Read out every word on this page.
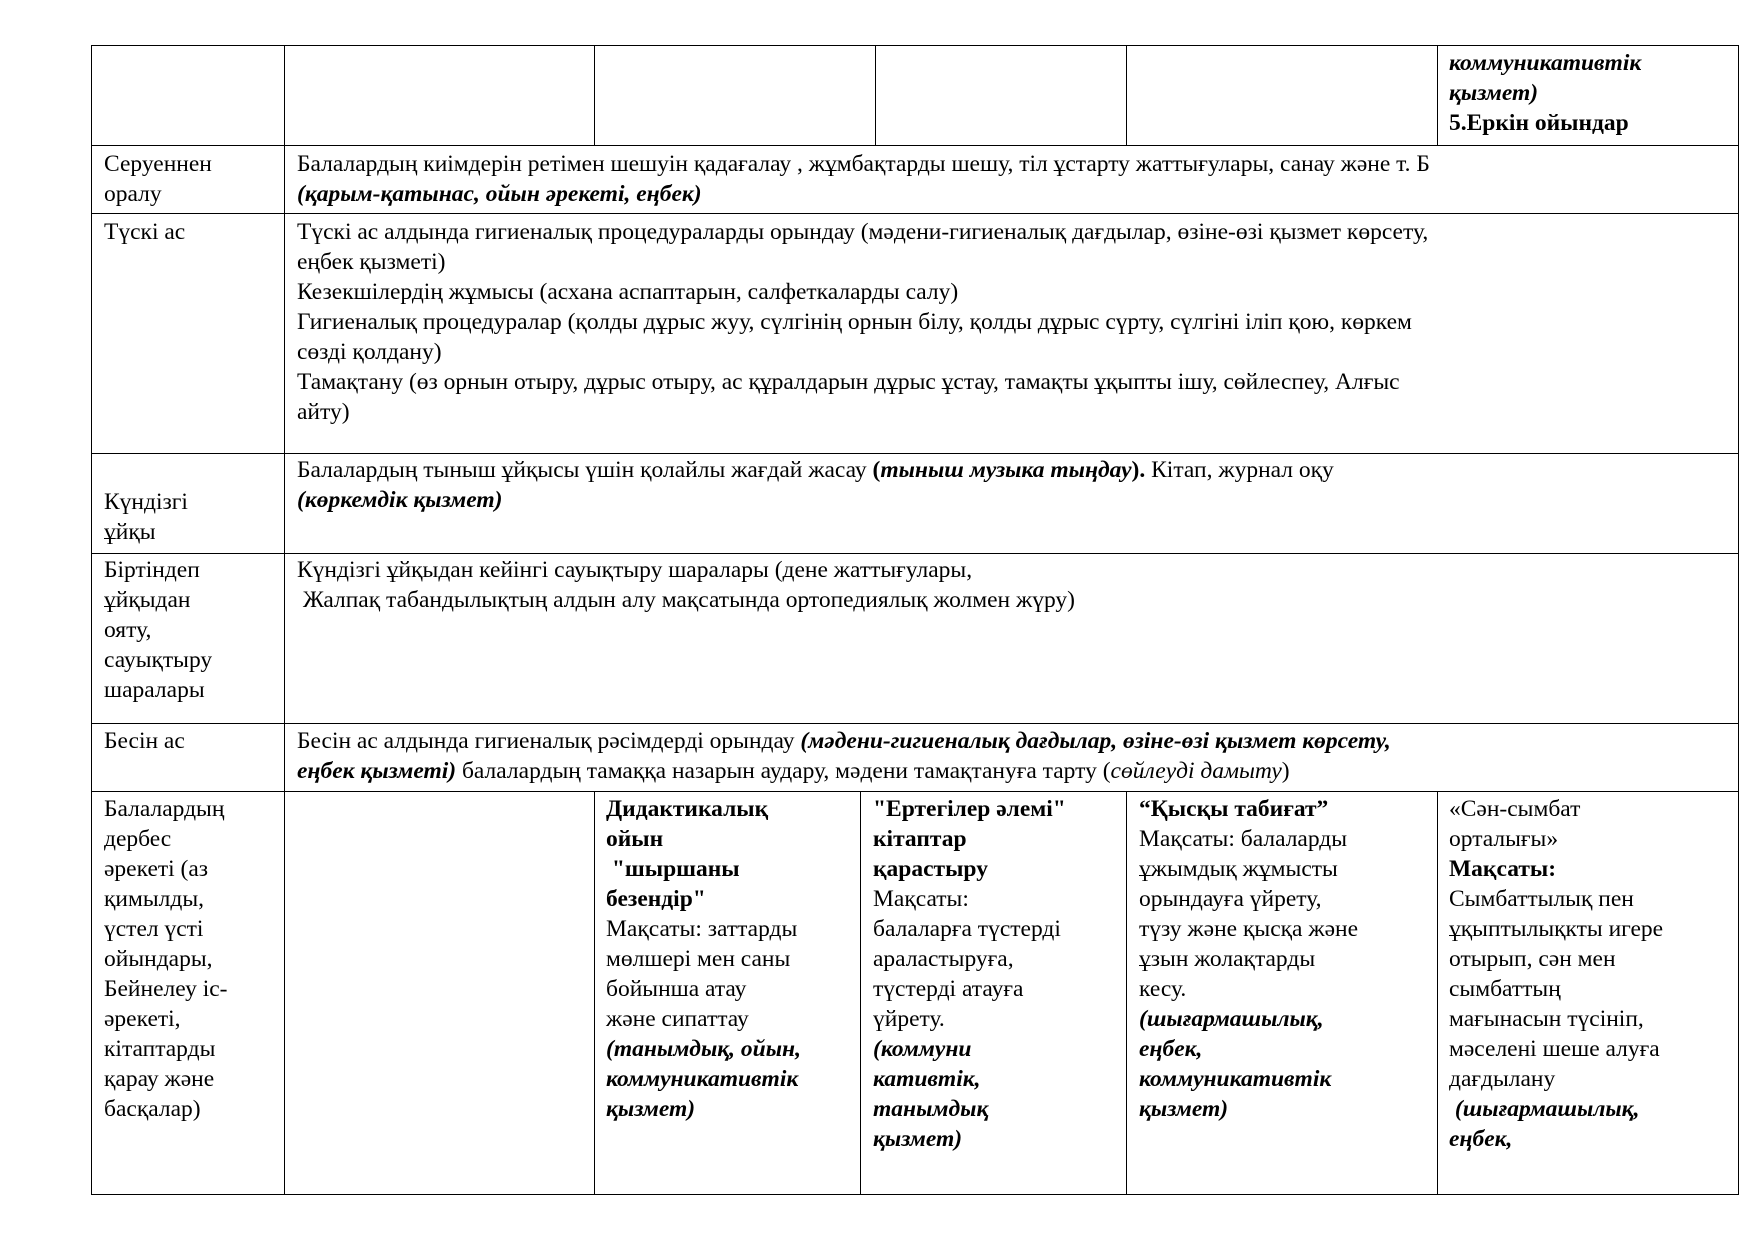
коммуникативтік
қызмет)
5.Еркін ойындар
Серуеннен
оралу
Балалардың киімдерін ретімен шешуін қадағалау , жұмбақтарды шешу, тіл ұстарту жаттығулары, санау және т. Б
(қарым-қатынас, ойын әрекеті, еңбек)
Түскі ас	Түскі ас алдында гигиеналық процедураларды орындау (мәдени-гигиеналық дағдылар, өзіне-өзі қызмет көрсету,
еңбек қызметі)
Кезекшілердің жұмысы (асхана аспаптарын, салфеткаларды салу)
Гигиеналық процедуралар (қолды дұрыс жуу, сүлгінің орнын білу, қолды дұрыс сүрту, сүлгіні іліп қою, көркем
сөзді қолдану)
Тамақтану (өз орнын отыру, дұрыс отыру, ас құралдарын дұрыс ұстау, тамақты ұқыпты ішу, сөйлеспеу, Алғыс
айту)
Күндізгі
ұйқы
Балалардың тыныш ұйқысы үшін қолайлы жағдай жасау (тыныш музыка тыңдау). Кітап, журнал оқу
(көркемдік қызмет)
Біртіндеп
ұйқыдан
ояту,
сауықтыру
шаралары
Күндізгі ұйқыдан кейінгі сауықтыру шаралары (дене жаттығулары,
Жалпақ табандылықтың алдын алу мақсатында ортопедиялық жолмен жүру)
Бесін ас	Бесін ас алдында гигиеналық рәсімдерді орындау (мәдени-гигиеналық дағдылар, өзіне-өзі қызмет көрсету,
еңбек қызметі) балалардың тамаққа назарын аудару, мәдени тамақтануға тарту (сөйлеуді дамыту)
Балалардың
дербес
әрекеті (аз
қимылды,
үстел үсті
ойындары,
Бейнелеу іс-
әрекеті,
кітаптарды
қарау және
басқалар)
Дидактикалық
ойын
"шыршаны
безендір"
Мақсаты: заттарды
мөлшері мен саны
бойынша атау
және сипаттау
(танымдық, ойын,
коммуникативтік
қызмет)
"Ертегілер әлемі"
кітаптар
қарастыру
Мақсаты:
балаларға түстерді
араластыруға,
түстерді атауға
үйрету.
(коммуни
кативтік,
танымдық
қызмет)
“Қысқы табиғат”
Мақсаты: балаларды
ұжымдық жұмысты
орындауға үйрету,
түзу және қысқа және
ұзын жолақтарды
кесу.
(шығармашылық,
еңбек,
коммуникативтік
қызмет)
«Сән-сымбат
орталығы»
Мақсаты:
Сымбаттылық пен
ұқыптылықкты игере
отырып, сән мен
сымбаттың
мағынасын түсініп,
мәселені шеше алуға
дағдылану
(шығармашылық,
еңбек,
